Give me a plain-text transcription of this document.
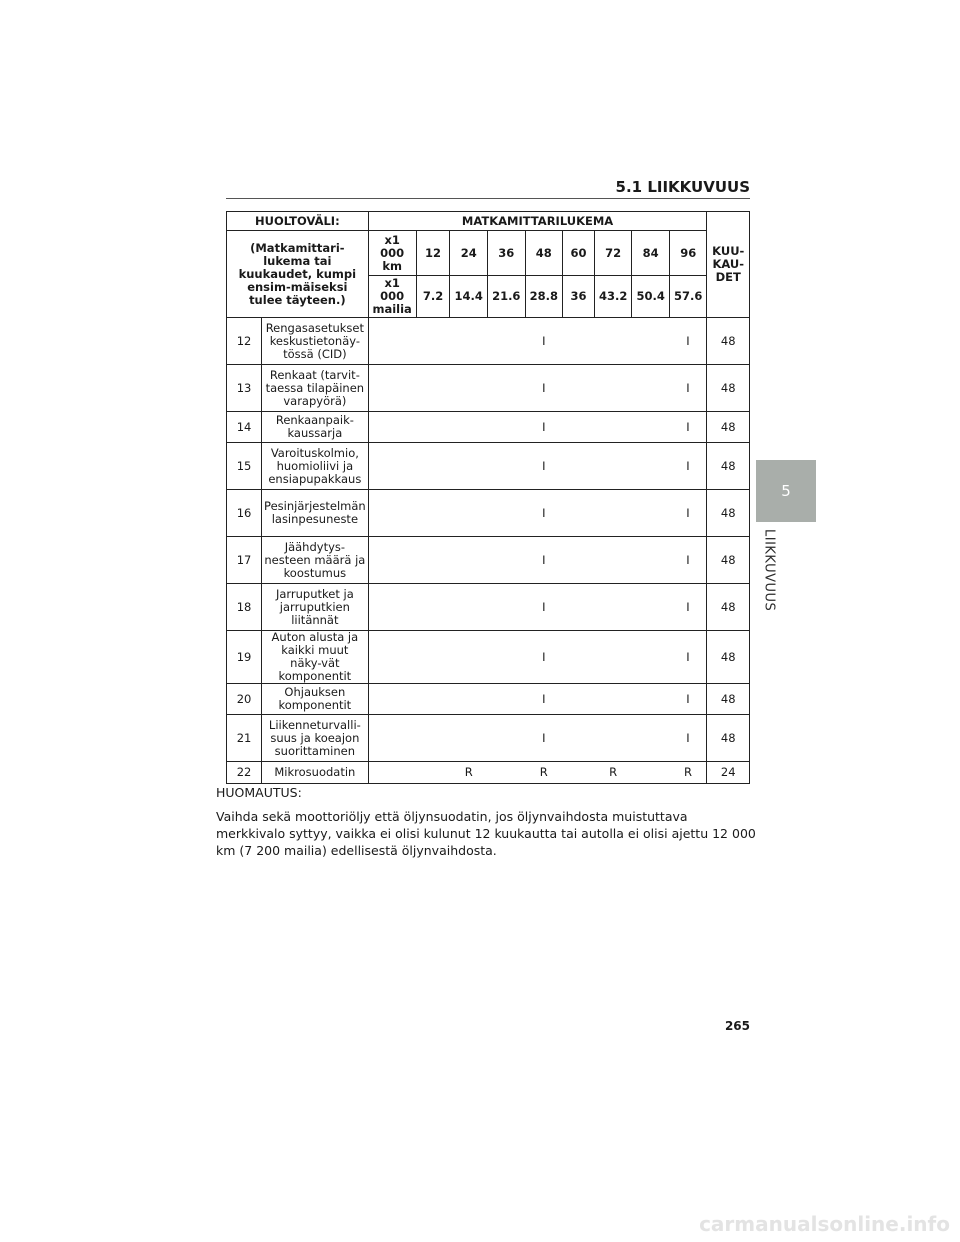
5.1 LIIKKUVUUS
5
LIIKKUVUUS
HUOLTOVÄLI:		MATKAMITTARILUKEMA									KUU-KAU-DET
(Matkamittari-lukema tai kuukaudet, kumpi ensim-mäiseksi tulee täyteen.)		x1 000 km	12	24	36	48	60	72	84	96	
		x1 000 mailia	7.2	14.4	21.6	28.8	36	43.2	50.4	57.6	
12	Rengasasetukset keskustietonäy-tössä (CID)					I				I	48
13	Renkaat (tarvit-taessa tilapäinen varapyörä)					I				I	48
14	Renkaanpaik-kaussarja					I				I	48
15	Varoituskolmio, huomioliivi ja ensiapupakkaus					I				I	48
16	Pesinjärjestelmän lasinpesuneste					I				I	48
17	Jäähdytys-nesteen määrä ja koostumus					I				I	48
18	Jarruputket ja jarruputkien liitännät					I				I	48
19	Auton alusta ja kaikki muut näky-vät komponentit					I				I	48
20	Ohjauksen komponentit					I				I	48
21	Liikenneturvalli-suus ja koeajon suorittaminen					I				I	48
22	Mikrosuodatin			R		R		R		R	24
HUOMAUTUS:
Vaihda sekä moottoriöljy että öljynsuodatin, jos öljynvaihdosta muistuttava merkkivalo syttyy, vaikka ei olisi kulunut 12 kuukautta tai autolla ei olisi ajettu 12 000 km (7 200 mailia) edellisestä öljynvaihdosta.
265
carmanualsonline.info
